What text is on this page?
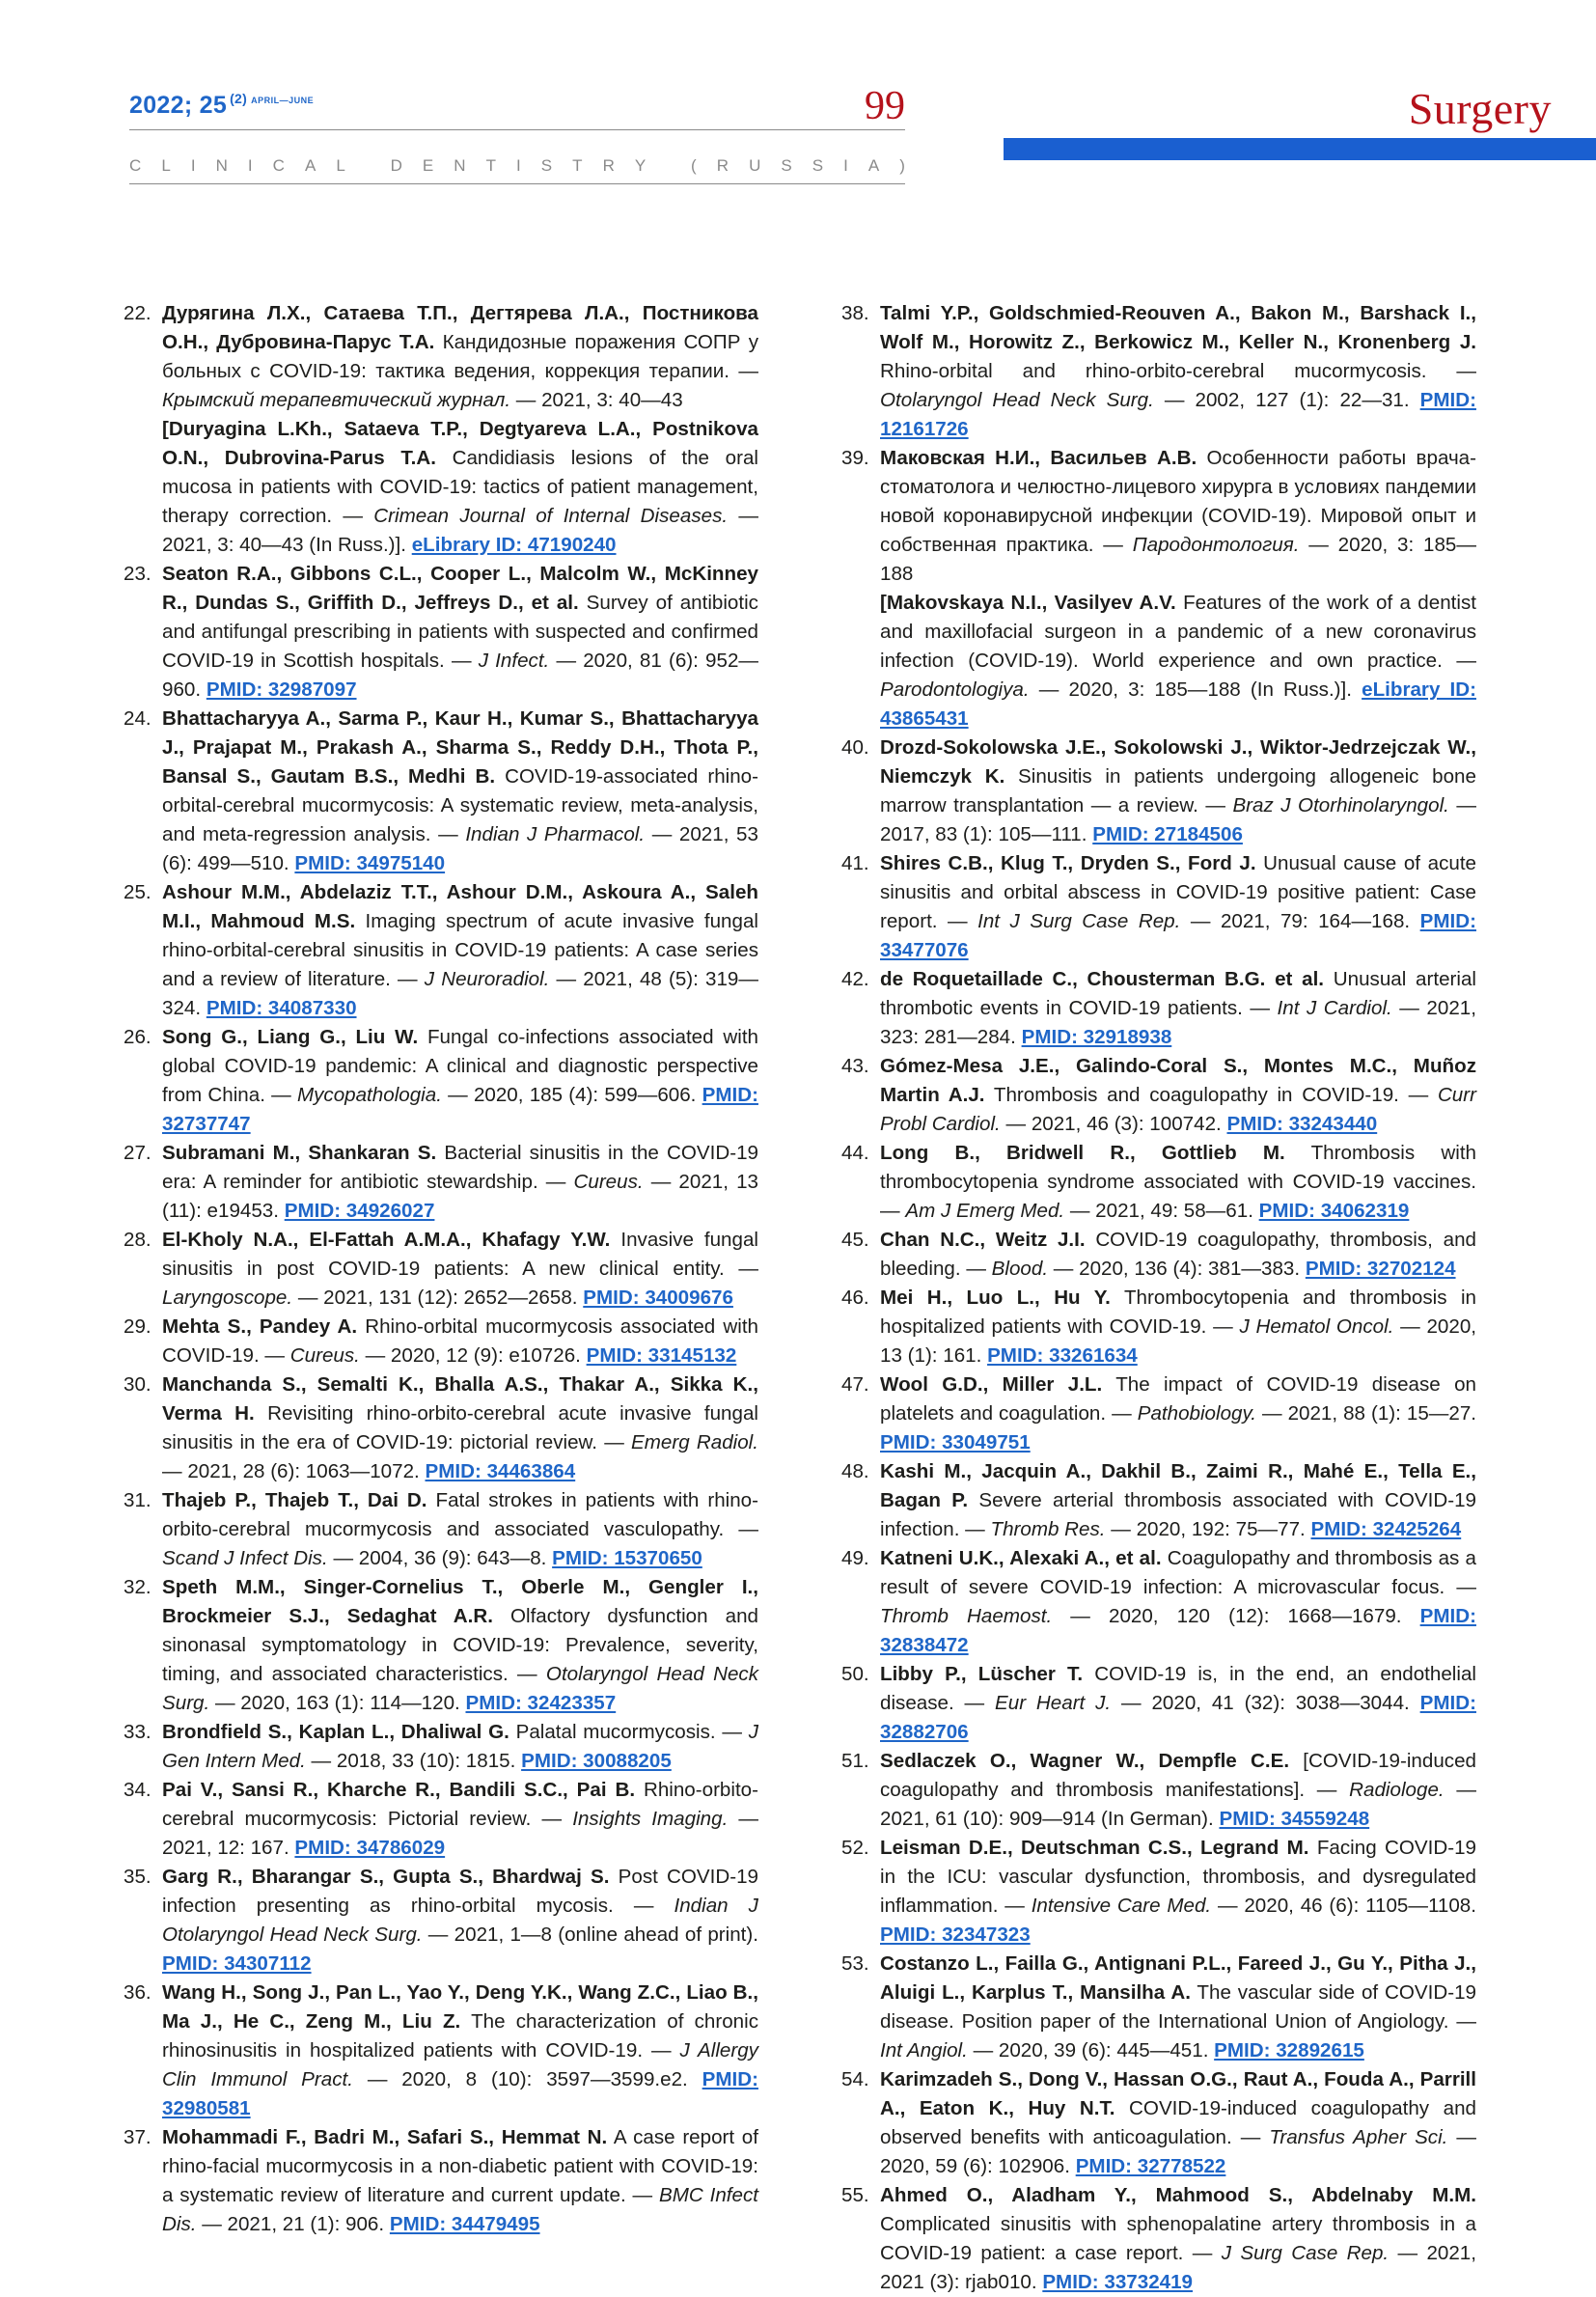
2022; 25 $^{(2)}$ $^{APRIL—JUNE}$	99
C L I N I C A L
	D E N T I S T R Y
	( R U S S I A )
Surgery
22. Дурягина Л.Х., Сатаева Т.П., Дегтярева Л.А., Постникова О.Н., Дубровина-Парус Т.А. Кандидозные поражения СОПР у больных с COVID-19: тактика ведения, коррекция терапии. — Крымский терапевтический журнал. — 2021, 3: 40—43
[Duryagina L.Kh., Sataeva T.P., Degtyareva L.A., Postnikova O.N., Dubrovina-Parus T.A. Candidiasis lesions of the oral mucosa in patients with COVID-19: tactics of patient management, therapy correction. — Crimean Journal of Internal Diseases. — 2021, 3: 40—43 (In Russ.)]. eLibrary ID: 47190240
23. Seaton R.A., Gibbons C.L., Cooper L., Malcolm W., McKinney R., Dundas S., Griffith D., Jeffreys D., et al. Survey of antibiotic and antifungal prescribing in patients with suspected and confirmed COVID-19 in Scottish hospitals. — J Infect. — 2020, 81 (6): 952—960. PMID: 32987097
24. Bhattacharyya A., Sarma P., Kaur H., Kumar S., Bhattacharyya J., Prajapat M., Prakash A., Sharma S., Reddy D.H., Thota P., Bansal S., Gautam B.S., Medhi B. COVID-19-associated rhino-orbital-cerebral mucormycosis: A systematic review, meta-analysis, and meta-regression analysis. — Indian J Pharmacol. — 2021, 53 (6): 499—510. PMID: 34975140
25. Ashour M.M., Abdelaziz T.T., Ashour D.M., Askoura A., Saleh M.I., Mahmoud M.S. Imaging spectrum of acute invasive fungal rhino-orbital-cerebral sinusitis in COVID-19 patients: A case series and a review of literature. — J Neuroradiol. — 2021, 48 (5): 319—324. PMID: 34087330
26. Song G., Liang G., Liu W. Fungal co-infections associated with global COVID-19 pandemic: A clinical and diagnostic perspective from China. — Mycopathologia. — 2020, 185 (4): 599—606. PMID: 32737747
27. Subramani M., Shankaran S. Bacterial sinusitis in the COVID-19 era: A reminder for antibiotic stewardship. — Cureus. — 2021, 13 (11): e19453. PMID: 34926027
28. El-Kholy N.A., El-Fattah A.M.A., Khafagy Y.W. Invasive fungal sinusitis in post COVID-19 patients: A new clinical entity. — Laryngoscope. — 2021, 131 (12): 2652—2658. PMID: 34009676
29. Mehta S., Pandey A. Rhino-orbital mucormycosis associated with COVID-19. — Cureus. — 2020, 12 (9): e10726. PMID: 33145132
30. Manchanda S., Semalti K., Bhalla A.S., Thakar A., Sikka K., Verma H. Revisiting rhino-orbito-cerebral acute invasive fungal sinusitis in the era of COVID-19: pictorial review. — Emerg Radiol. — 2021, 28 (6): 1063—1072. PMID: 34463864
31. Thajeb P., Thajeb T., Dai D. Fatal strokes in patients with rhino-orbito-cerebral mucormycosis and associated vasculopathy. — Scand J Infect Dis. — 2004, 36 (9): 643—8. PMID: 15370650
32. Speth M.M., Singer-Cornelius T., Oberle M., Gengler I., Brockmeier S.J., Sedaghat A.R. Olfactory dysfunction and sinonasal symptomatology in COVID-19: Prevalence, severity, timing, and associated characteristics. — Otolaryngol Head Neck Surg. — 2020, 163 (1): 114—120. PMID: 32423357
33. Brondfield S., Kaplan L., Dhaliwal G. Palatal mucormycosis. — J Gen Intern Med. — 2018, 33 (10): 1815. PMID: 30088205
34. Pai V., Sansi R., Kharche R., Bandili S.C., Pai B. Rhino-orbito-cerebral mucormycosis: Pictorial review. — Insights Imaging. — 2021, 12: 167. PMID: 34786029
35. Garg R., Bharangar S., Gupta S., Bhardwaj S. Post COVID-19 infection presenting as rhino-orbital mycosis. — Indian J Otolaryngol Head Neck Surg. — 2021, 1—8 (online ahead of print). PMID: 34307112
36. Wang H., Song J., Pan L., Yao Y., Deng Y.K., Wang Z.C., Liao B., Ma J., He C., Zeng M., Liu Z. The characterization of chronic rhinosinusitis in hospitalized patients with COVID-19. — J Allergy Clin Immunol Pract. — 2020, 8 (10): 3597—3599.e2. PMID: 32980581
37. Mohammadi F., Badri M., Safari S., Hemmat N. A case report of rhino-facial mucormycosis in a non-diabetic patient with COVID-19: a systematic review of literature and current update. — BMC Infect Dis. — 2021, 21 (1): 906. PMID: 34479495
38. Talmi Y.P., Goldschmied-Reouven A., Bakon M., Barshack I., Wolf M., Horowitz Z., Berkowicz M., Keller N., Kronenberg J. Rhino-orbital and rhino-orbito-cerebral mucormycosis. — Otolaryngol Head Neck Surg. — 2002, 127 (1): 22—31. PMID: 12161726
39. Маковская Н.И., Васильев А.В. Особенности работы врача-стоматолога и челюстно-лицевого хирурга в условиях пандемии новой коронавирусной инфекции (COVID-19). Мировой опыт и собственная практика. — Пародонтология. — 2020, 3: 185—188
[Makovskaya N.I., Vasilyev A.V. Features of the work of a dentist and maxillofacial surgeon in a pandemic of a new coronavirus infection (COVID-19). World experience and own practice. — Parodontologiya. — 2020, 3: 185—188 (In Russ.)]. eLibrary ID: 43865431
40. Drozd-Sokolowska J.E., Sokolowski J., Wiktor-Jedrzejczak W., Niemczyk K. Sinusitis in patients undergoing allogeneic bone marrow transplantation — a review. — Braz J Otorhinolaryngol. — 2017, 83 (1): 105—111. PMID: 27184506
41. Shires C.B., Klug T., Dryden S., Ford J. Unusual cause of acute sinusitis and orbital abscess in COVID-19 positive patient: Case report. — Int J Surg Case Rep. — 2021, 79: 164—168. PMID: 33477076
42. de Roquetaillade C., Chousterman B.G. et al. Unusual arterial thrombotic events in COVID-19 patients. — Int J Cardiol. — 2021, 323: 281—284. PMID: 32918938
43. Gómez-Mesa J.E., Galindo-Coral S., Montes M.C., Muñoz Martin A.J. Thrombosis and coagulopathy in COVID-19. — Curr Probl Cardiol. — 2021, 46 (3): 100742. PMID: 33243440
44. Long B., Bridwell R., Gottlieb M. Thrombosis with thrombocytopenia syndrome associated with COVID-19 vaccines. — Am J Emerg Med. — 2021, 49: 58—61. PMID: 34062319
45. Chan N.C., Weitz J.I. COVID-19 coagulopathy, thrombosis, and bleeding. — Blood. — 2020, 136 (4): 381—383. PMID: 32702124
46. Mei H., Luo L., Hu Y. Thrombocytopenia and thrombosis in hospitalized patients with COVID-19. — J Hematol Oncol. — 2020, 13 (1): 161. PMID: 33261634
47. Wool G.D., Miller J.L. The impact of COVID-19 disease on platelets and coagulation. — Pathobiology. — 2021, 88 (1): 15—27. PMID: 33049751
48. Kashi M., Jacquin A., Dakhil B., Zaimi R., Mahé E., Tella E., Bagan P. Severe arterial thrombosis associated with COVID-19 infection. — Thromb Res. — 2020, 192: 75—77. PMID: 32425264
49. Katneni U.K., Alexaki A., et al. Coagulopathy and thrombosis as a result of severe COVID-19 infection: A microvascular focus. — Thromb Haemost. — 2020, 120 (12): 1668—1679. PMID: 32838472
50. Libby P., Lüscher T. COVID-19 is, in the end, an endothelial disease. — Eur Heart J. — 2020, 41 (32): 3038—3044. PMID: 32882706
51. Sedlaczek O., Wagner W., Dempfle C.E. [COVID-19-induced coagulopathy and thrombosis manifestations]. — Radiologe. — 2021, 61 (10): 909—914 (In German). PMID: 34559248
52. Leisman D.E., Deutschman C.S., Legrand M. Facing COVID-19 in the ICU: vascular dysfunction, thrombosis, and dysregulated inflammation. — Intensive Care Med. — 2020, 46 (6): 1105—1108. PMID: 32347323
53. Costanzo L., Failla G., Antignani P.L., Fareed J., Gu Y., Pitha J., Aluigi L., Karplus T., Mansilha A. The vascular side of COVID-19 disease. Position paper of the International Union of Angiology. — Int Angiol. — 2020, 39 (6): 445—451. PMID: 32892615
54. Karimzadeh S., Dong V., Hassan O.G., Raut A., Fouda A., Parrill A., Eaton K., Huy N.T. COVID-19-induced coagulopathy and observed benefits with anticoagulation. — Transfus Apher Sci. — 2020, 59 (6): 102906. PMID: 32778522
55. Ahmed O., Aladham Y., Mahmood S., Abdelnaby M.M. Complicated sinusitis with sphenopalatine artery thrombosis in a COVID-19 patient: a case report. — J Surg Case Rep. — 2021, 2021 (3): rjab010. PMID: 33732419
